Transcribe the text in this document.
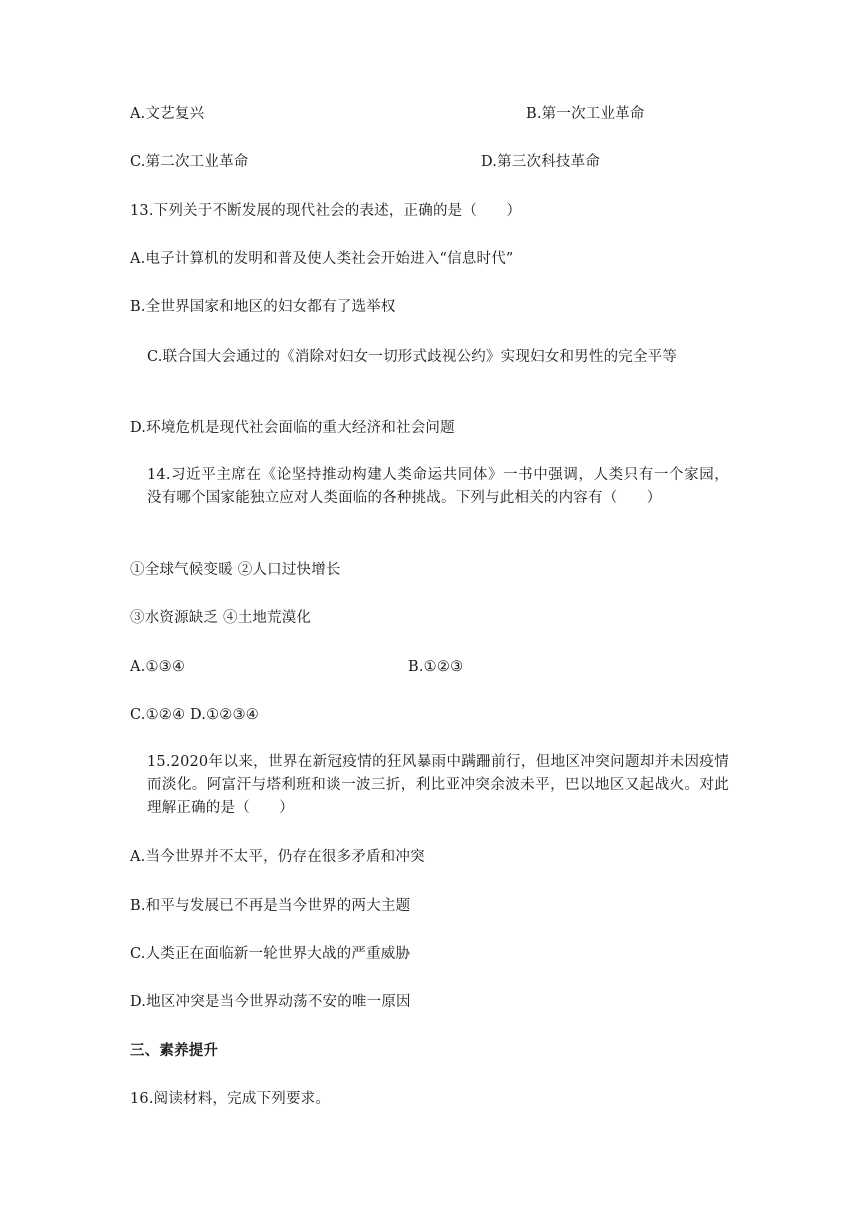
A.文艺复兴	B.第一次工业革命
C.第二次工业革命	D.第三次科技革命
13.下列关于不断发展的现代社会的表述，正确的是（　　）
A.电子计算机的发明和普及使人类社会开始进入“信息时代”
B.全世界国家和地区的妇女都有了选举权
C.联合国大会通过的《消除对妇女一切形式歧视公约》实现妇女和男性的完全平等
D.环境危机是现代社会面临的重大经济和社会问题
14.习近平主席在《论坚持推动构建人类命运共同体》一书中强调，人类只有一个家园，没有哪个国家能独立应对人类面临的各种挑战。下列与此相关的内容有（　　）
①全球气候变暖 ②人口过快增长
③水资源缺乏 ④土地荒漠化
A.①③④	B.①②③
C.①②④ D.①②③④
15.2020年以来，世界在新冠疫情的狂风暴雨中蹒跚前行，但地区冲突问题却并未因疫情而淡化。阿富汗与塔利班和谈一波三折，利比亚冲突余波未平，巴以地区又起战火。对此理解正确的是（　　）
A.当今世界并不太平，仍存在很多矛盾和冲突
B.和平与发展已不再是当今世界的两大主题
C.人类正在面临新一轮世界大战的严重威胁
D.地区冲突是当今世界动荡不安的唯一原因
三、素养提升
16.阅读材料，完成下列要求。
